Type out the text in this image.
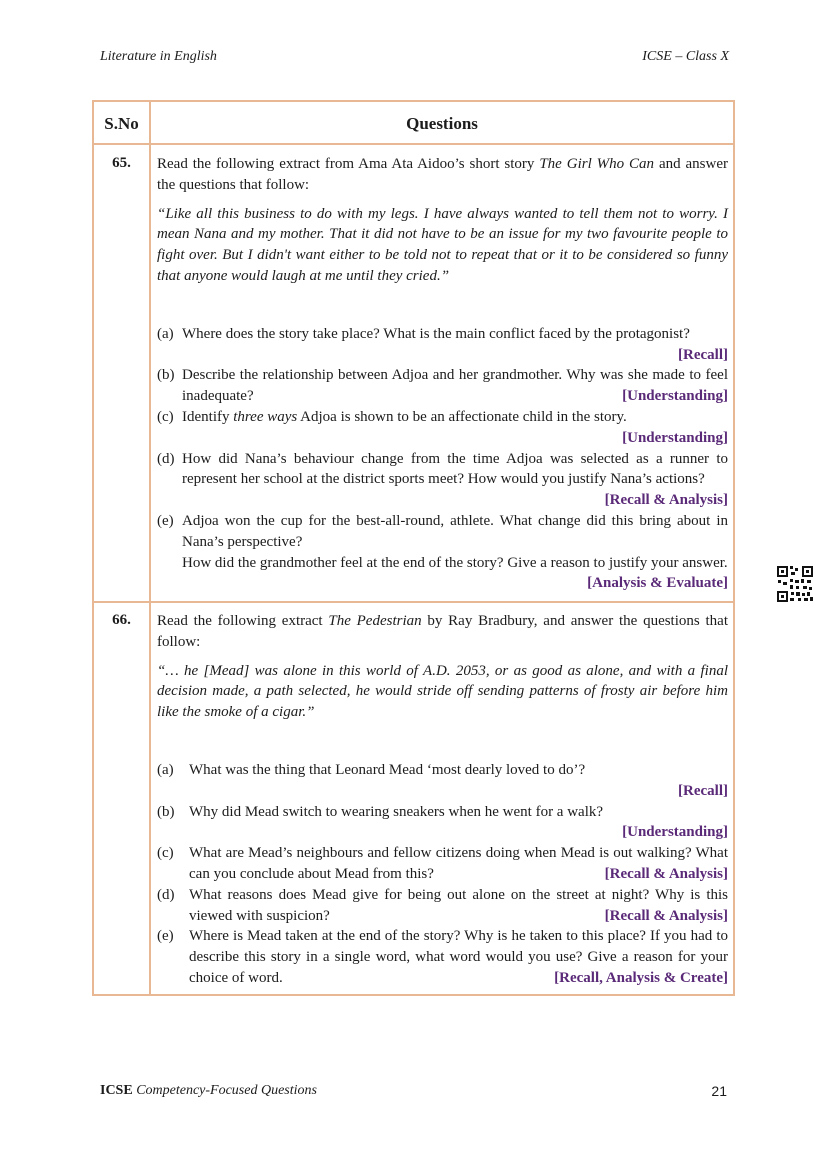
Literature in English	ICSE – Class X
S.No	Questions
65.	Read the following extract from Ama Ata Aidoo’s short story The Girl Who Can and answer the questions that follow:
“Like all this business to do with my legs. I have always wanted to tell them not to worry. I mean Nana and my mother. That it did not have to be an issue for my two favourite people to fight over. But I didn't want either to be told not to repeat that or it to be considered so funny that anyone would laugh at me until they cried.”
(a) Where does the story take place? What is the main conflict faced by the protagonist?
[Recall]
(b) Describe the relationship between Adjoa and her grandmother. Why was she made to feel inadequate?	[Understanding]
(c) Identify three ways Adjoa is shown to be an affectionate child in the story.
[Understanding]
(d) How did Nana’s behaviour change from the time Adjoa was selected as a runner to represent her school at the district sports meet? How would you justify Nana’s actions?
[Recall & Analysis]
(e) Adjoa won the cup for the best-all-round, athlete. What change did this bring about in Nana’s perspective?
How did the grandmother feel at the end of the story? Give a reason to justify your answer.
[Analysis & Evaluate]
66.	Read the following extract The Pedestrian by Ray Bradbury, and answer the questions that follow:
“… he [Mead] was alone in this world of A.D. 2053, or as good as alone, and with a final decision made, a path selected, he would stride off sending patterns of frosty air before him like the smoke of a cigar.”
(a)	What was the thing that Leonard Mead ‘most dearly loved to do’?
[Recall]
(b) Why did Mead switch to wearing sneakers when he went for a walk?
[Understanding]
(c)	What are Mead’s neighbours and fellow citizens doing when Mead is out walking? What can you conclude about Mead from this?	[Recall & Analysis]
(d) What reasons does Mead give for being out alone on the street at night? Why is this viewed with suspicion?	[Recall & Analysis]
(e)	Where is Mead taken at the end of the story? Why is he taken to this place? If you had to describe this story in a single word, what word would you use? Give a reason for your choice of word.	[Recall, Analysis & Create]
ICSE Competency-Focused Questions	21
